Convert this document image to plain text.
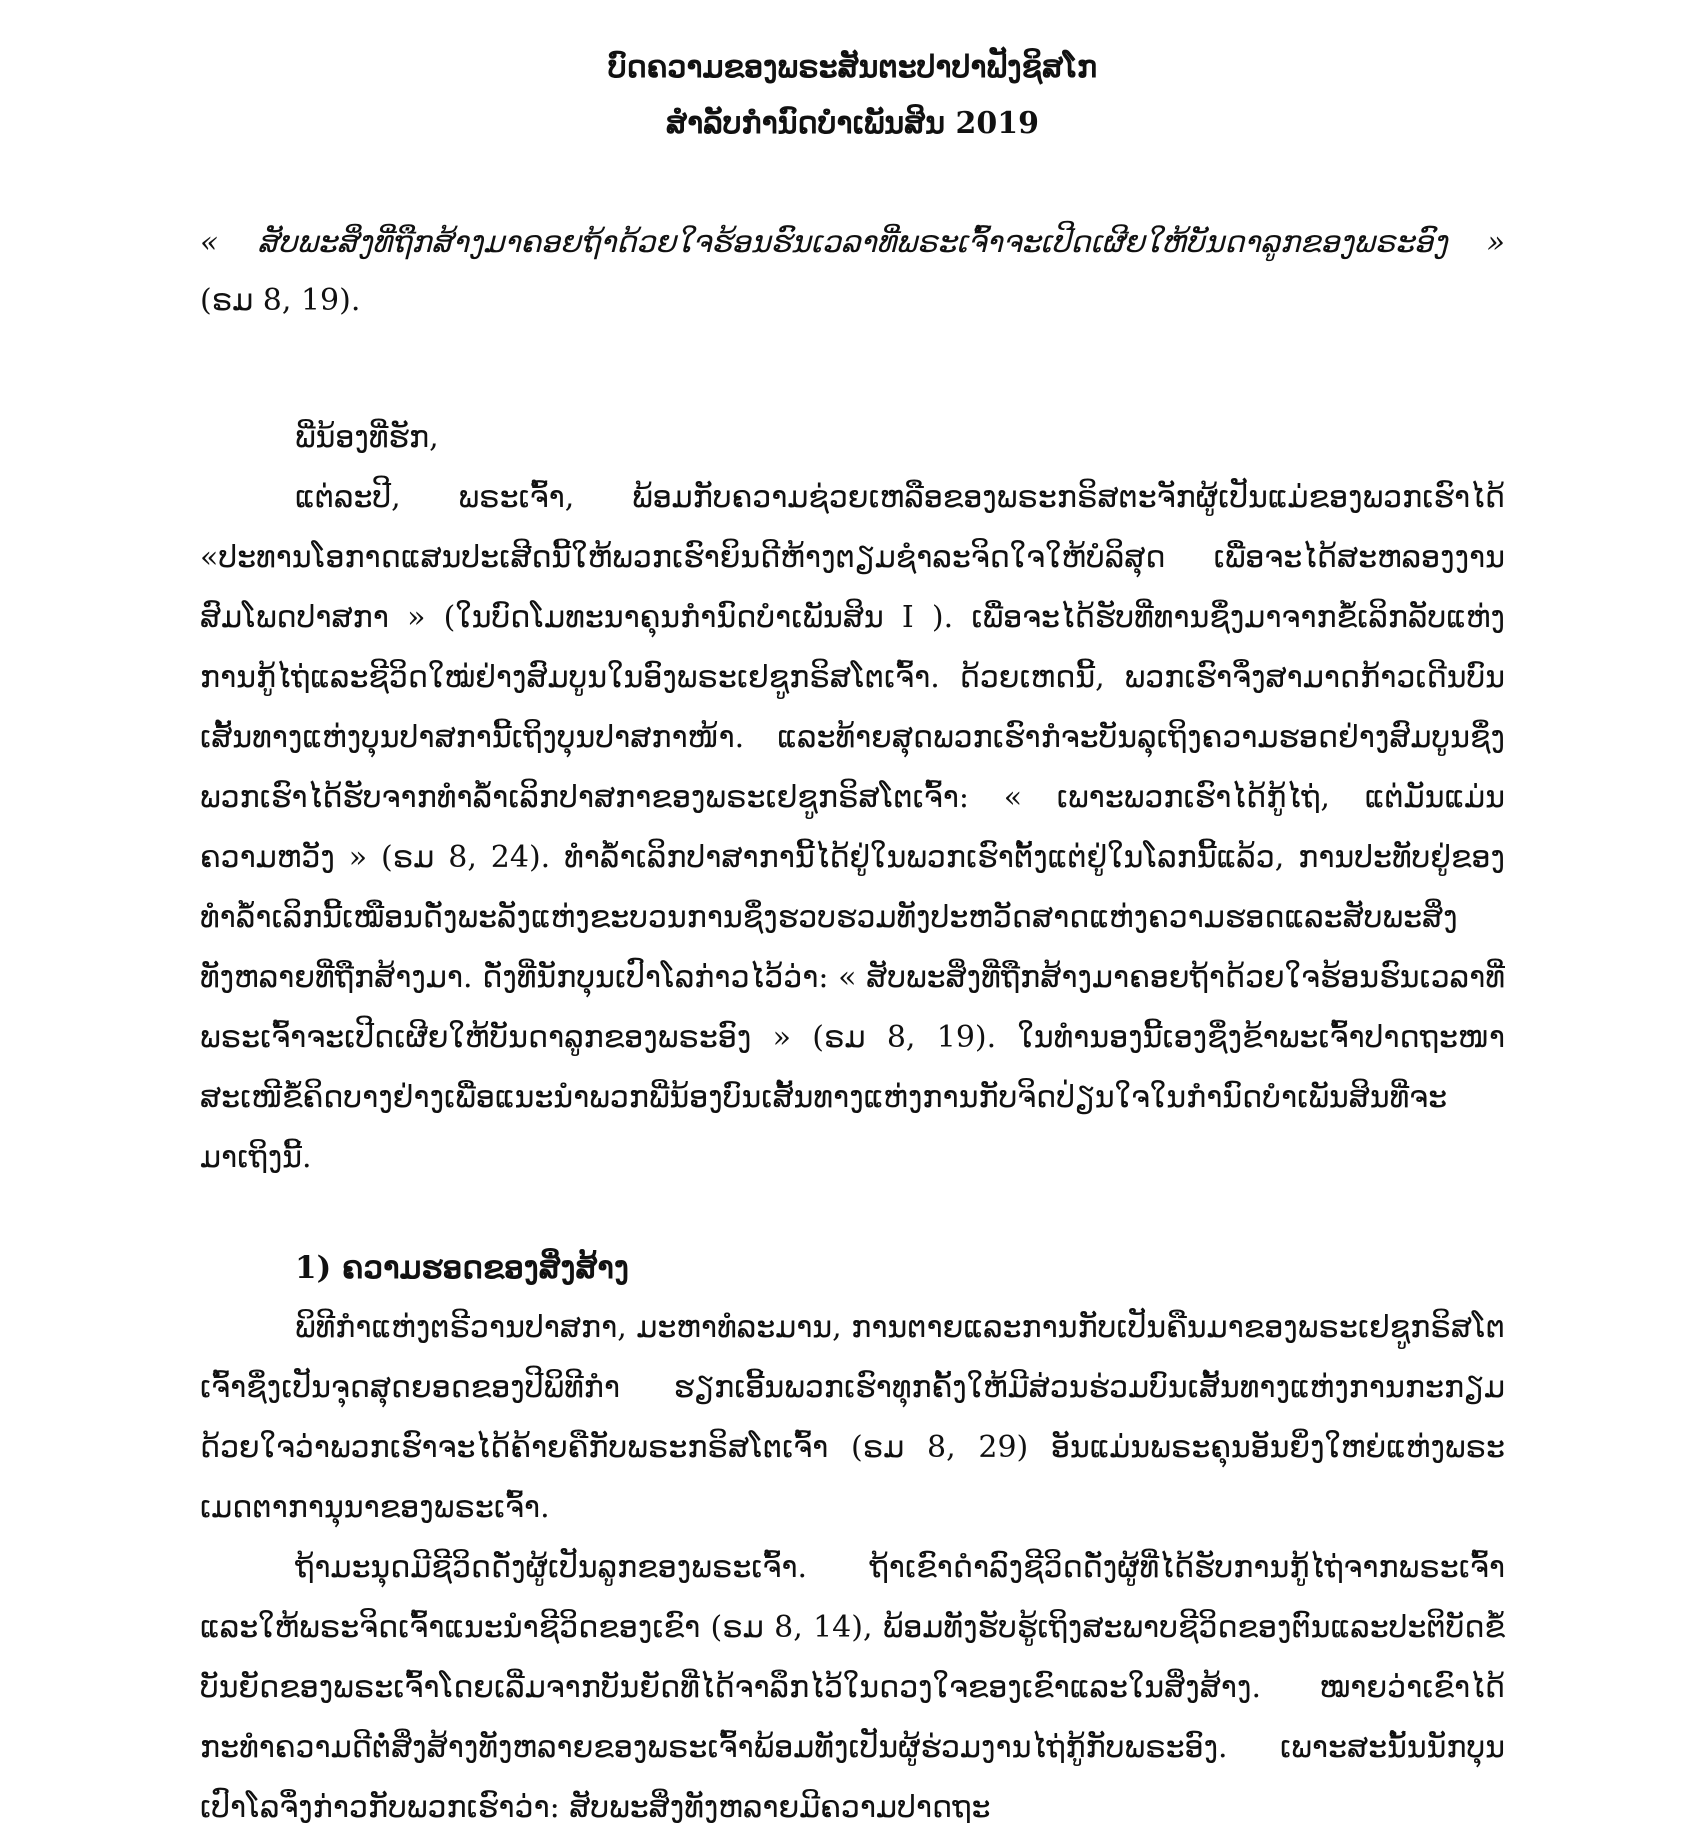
ບົດຄວາມຂອງພຣະສັນຕະປາປາຟັງຊິສໂກ
ສຳລັບກຳນົດບຳເພັນສິນ 2019
« ສັບພະສິ່ງທີ່ຖືກສ້າງມາຄອຍຖ້າດ້ວຍໃຈຮ້ອນຮົນເວລາທີ່ພຣະເຈົ້າຈະເປີດເຜີຍໃຫ້ບັນດາລູກຂອງພຣະອົງ » (ຣມ 8, 19).
ພີ່ນ້ອງທີ່ຮັກ,

ແຕ່ລະປີ, ພຣະເຈົ້າ, ພ້ອມກັບຄວາມຊ່ວຍເຫລືອຂອງພຣະກຣິສຕະຈັກຜູ້ເປັນແມ່ຂອງພວກເຮົາໄດ້ «ປະທານໂອກາດແສນປະເສີດນີ້ໃຫ້ພວກເຮົາຍິນດີຫ້າງຕຽມຊຳລະຈິດໃຈໃຫ້ບໍລິສຸດ ເພື່ອຈະໄດ້ສະຫລອງງານສົມໂພດປາສກາ » (ໃນບົດໂມທະນາຄຸນກຳນົດບຳເພັນສິນ I ). ເພື່ອຈະໄດ້ຮັບທີ່ທານຊຶ່ງມາຈາກຂໍ້ເລິກລັບແຫ່ງການກູ້ໄຖ່ແລະຊີວິດໃໝ່ຢ່າງສົມບູນໃນອົງພຣະເຢຊູກຣິສໂຕເຈົ້າ. ດ້ວຍເຫດນີ້, ພວກເຮົາຈຶ່ງສາມາດກ້າວເດີນບົນເສັ້ນທາງແຫ່ງບຸນປາສການີ້ເຖິງບຸນປາສກາໜ້າ. ແລະທ້າຍສຸດພວກເຮົາກໍຈະບັນລຸເຖິງຄວາມຮອດຢ່າງສົມບູນຊຶ່ງພວກເຮົາໄດ້ຮັບຈາກທຳລ້ຳເລິກປາສກາຂອງພຣະເຢຊູກຣິສໂຕເຈົ້າ: « ເພາະພວກເຮົາໄດ້ກູ້ໄຖ່, ແຕ່ມັນແມ່ນຄວາມຫວັງ » (ຣມ 8, 24). ທຳລ້ຳເລິກປາສາການີ້ໄດ້ຢູ່ໃນພວກເຮົາຕັ້ງແຕ່ຢູ່ໃນໂລກນີ້ແລ້ວ, ການປະທັບຢູ່ຂອງທຳລ້ຳເລິກນີ້ເໝືອນດັ່ງພະລັງແຫ່ງຂະບວນການຊຶ່ງຮວບຮວມທັງປະຫວັດສາດແຫ່ງຄວາມຮອດແລະສັບພະສິ່ງທັງຫລາຍທີ່ຖືກສ້າງມາ. ດັ່ງທີ່ນັກບຸນເປົາໂລກ່າວໄວ້ວ່າ: « ສັບພະສິ່ງທີ່ຖືກສ້າງມາຄອຍຖ້າດ້ວຍໃຈຮ້ອນຮົນເວລາທີ່ພຣະເຈົ້າຈະເປີດເຜີຍໃຫ້ບັນດາລູກຂອງພຣະອົງ » (ຣມ 8, 19). ໃນທຳນອງນີ້ເອງຊຶ່ງຂ້າພະເຈົ້າປາດຖະໜາສະເໜີຂໍ້ຄິດບາງຢ່າງເພື່ອແນະນຳພວກພີ່ນ້ອງບົນເສັ້ນທາງແຫ່ງການກັບຈິດປ່ຽນໃຈໃນກຳນົດບຳເພັນສິນທີ່ຈະມາເຖິງນີ້.

1) ຄວາມຮອດຂອງສິ່ງສ້າງ

ພິທີກຳແຫ່ງຕຣີວານປາສກາ, ມະຫາທໍລະມານ, ການຕາຍແລະການກັບເປັນຄືນມາຂອງພຣະເຢຊູກຣິສໂຕເຈົ້າຊຶ່ງເປັນຈຸດສຸດຍອດຂອງປີພິທີກຳ ຮຽກເອີ້ນພວກເຮົາທຸກຄັ້ງໃຫ້ມີສ່ວນຮ່ວມບົນເສັ້ນທາງແຫ່ງການກະກຽມດ້ວຍໃຈວ່າພວກເຮົາຈະໄດ້ຄ້າຍຄືກັບພຣະກຣິສໂຕເຈົ້າ (ຣມ 8, 29) ອັນແມ່ນພຣະຄຸນອັນຍິ່ງໃຫຍ່ແຫ່ງພຣະເມດຕາການຸນາຂອງພຣະເຈົ້າ.

ຖ້າມະນຸດມີຊີວິດດັ່ງຜູ້ເປັນລູກຂອງພຣະເຈົ້າ. ຖ້າເຂົາດຳລົງຊີວິດດັ່ງຜູ້ທີ່ໄດ້ຮັບການກູ້ໄຖ່ຈາກພຣະເຈົ້າ ແລະໃຫ້ພຣະຈິດເຈົ້າແນະນຳຊີວິດຂອງເຂົາ (ຣມ 8, 14), ພ້ອມທັງຮັບຮູ້ເຖິງສະພາບຊີວິດຂອງຕົນແລະປະຕິບັດຂໍ້ບັນຍັດຂອງພຣະເຈົ້າໂດຍເລີ່ມຈາກບັນຍັດທີ່ໄດ້ຈາລຶກໄວ້ໃນດວງໃຈຂອງເຂົາແລະໃນສິ່ງສ້າງ. ໝາຍວ່າເຂົາໄດ້ກະທຳຄວາມດີຕໍ່ສິ່ງສ້າງທັງຫລາຍຂອງພຣະເຈົ້າພ້ອມທັງເປັນຜູ້ຮ່ວມງານໄຖ່ກູ້ກັບພຣະອົງ. ເພາະສະນັ້ນນັກບຸນເປົາໂລຈຶ່ງກ່າວກັບພວກເຮົາວ່າ: ສັບພະສິ່ງທັງຫລາຍມີຄວາມປາດຖະ
